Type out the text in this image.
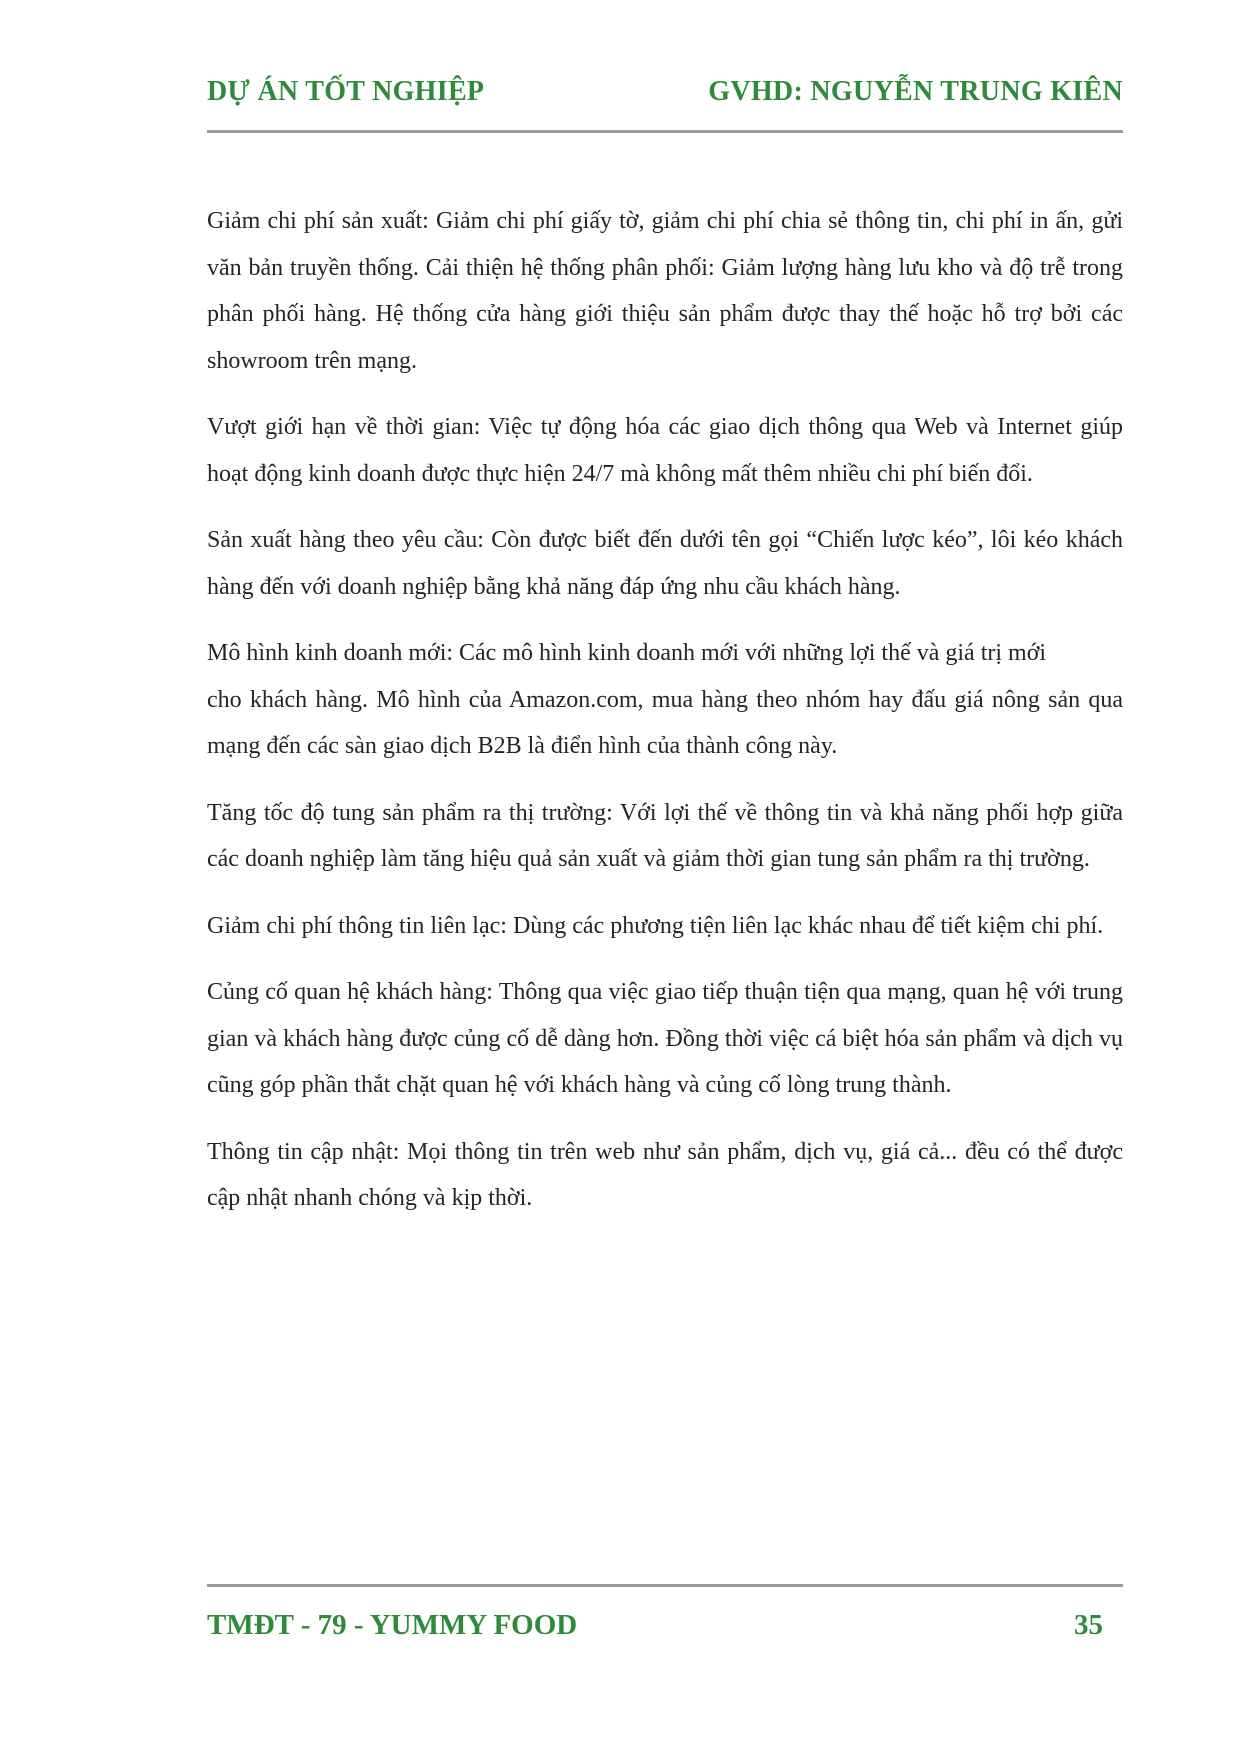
DỰ ÁN TỐT NGHIỆP	GVHD: NGUYỄN TRUNG KIÊN

Giảm chi phí sản xuất: Giảm chi phí giấy tờ, giảm chi phí chia sẻ thông tin, chi phí in ấn, gửi văn bản truyền thống. Cải thiện hệ thống phân phối: Giảm lượng hàng lưu kho và độ trễ trong phân phối hàng. Hệ thống cửa hàng giới thiệu sản phẩm được thay thế hoặc hỗ trợ bởi các showroom trên mạng.

Vượt giới hạn về thời gian: Việc tự động hóa các giao dịch thông qua Web và Internet giúp hoạt động kinh doanh được thực hiện 24/7 mà không mất thêm nhiều chi phí biến đổi.

Sản xuất hàng theo yêu cầu: Còn được biết đến dưới tên gọi “Chiến lược kéo”, lôi kéo khách hàng đến với doanh nghiệp bằng khả năng đáp ứng nhu cầu khách hàng.

Mô hình kinh doanh mới: Các mô hình kinh doanh mới với những lợi thế và giá trị mới

cho khách hàng. Mô hình của Amazon.com, mua hàng theo nhóm hay đấu giá nông sản qua mạng đến các sàn giao dịch B2B là điển hình của thành công này.

Tăng tốc độ tung sản phẩm ra thị trường: Với lợi thế về thông tin và khả năng phối hợp giữa các doanh nghiệp làm tăng hiệu quả sản xuất và giảm thời gian tung sản phẩm ra thị trường.

Giảm chi phí thông tin liên lạc: Dùng các phương tiện liên lạc khác nhau để tiết kiệm chi phí.

Củng cố quan hệ khách hàng: Thông qua việc giao tiếp thuận tiện qua mạng, quan hệ với trung gian và khách hàng được củng cố dễ dàng hơn. Đồng thời việc cá biệt hóa sản phẩm và dịch vụ cũng góp phần thắt chặt quan hệ với khách hàng và củng cố lòng trung thành.

Thông tin cập nhật: Mọi thông tin trên web như sản phẩm, dịch vụ, giá cả... đều có thể được cập nhật nhanh chóng và kịp thời.

TMĐT - 79 - YUMMY FOOD	35
